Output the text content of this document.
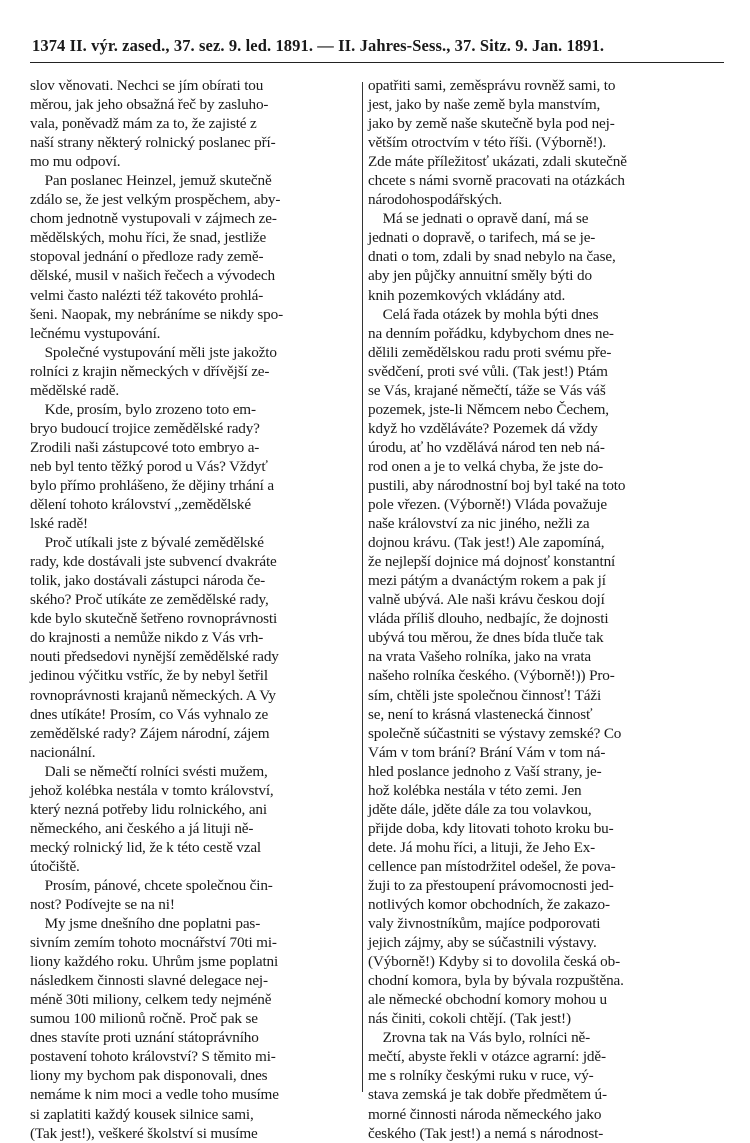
1374 II. výr. zased., 37. sez. 9. led. 1891. — II. Jahres-Sess., 37. Sitz. 9. Jan. 1891.
slov věnovati. Nechci se jím obírati tou
měrou, jak jeho obsažná řeč by zasluho-
vala, poněvadž mám za to, že zajisté z
naší strany některý rolnický poslanec pří-
mo mu odpoví.
Pan poslanec Heinzel, jemuž skutečně
zdálo se, že jest velkým prospěchem, aby-
chom jednotně vystupovali v zájmech ze-
mědělských, mohu říci, že snad, jestliže
stopoval jednání o předloze rady země-
dělské, musil v našich řečech a vývodech
velmi často nalézti též takovéto prohlá-
šeni. Naopak, my nebráníme se nikdy spo-
lečnému vystupování.
Společné vystupování měli jste jakožto
rolníci z krajin německých v dřívější ze-
mědělské radě.
Kde, prosím, bylo zrozeno toto em-
bryo budoucí trojice zemědělské rady?
Zrodili naši zástupcové toto embryo a-
neb byl tento těžký porod u Vás? Vždyť
bylo přímo prohlášeno, že dějiny trhání a
dělení tohoto království ,,zemědělské
lské radě!
Proč utíkali jste z bývalé zemědělské
rady, kde dostávali jste subvencí dvakráte
tolik, jako dostávali zástupci národa če-
ského? Proč utíkáte ze zemědělské rady,
kde bylo skutečně šetřeno rovnoprávnosti
do krajnosti a nemůže nikdo z Vás vrh-
nouti předsedovi nynější zemědělské rady
jedinou výčitku vstříc, že by nebyl šetřil
rovnoprávnosti krajanů německých. A Vy
dnes utíkáte! Prosím, co Vás vyhnalo ze
zemědělské rady? Zájem národní, zájem
nacionální.
Dali se němečtí rolníci svésti mužem,
jehož kolébka nestála v tomto království,
který nezná potřeby lidu rolnického, ani
německého, ani českého a já lituji ně-
mecký rolnický lid, že k této cestě vzal
útočiště.
Prosím, pánové, chcete společnou čin-
nost? Podívejte se na ni!
My jsme dnešního dne poplatni pas-
sivním zemím tohoto mocnářství 70ti mi-
liony každého roku. Uhrům jsme poplatni
následkem činnosti slavné delegace nej-
méně 30ti miliony, celkem tedy nejméně
sumou 100 milionů ročně. Proč pak se
dnes stavíte proti uznání státoprávního
postavení tohoto království? S těmito mi-
liony my bychom pak disponovali, dnes
nemáme k nim moci a vedle toho musíme
si zaplatiti každý kousek silnice sami,
(Tak jest!), veškeré školství si musíme
opatřiti sami, zeměsprávu rovněž sami, to
jest, jako by naše země byla manstvím,
jako by země naše skutečně byla pod nej-
větším otroctvím v této říši. (Výborně!).
Zde máte příležitosť ukázati, zdali skutečně
chcete s námi svorně pracovati na otázkách
národohospodářských.
Má se jednati o opravě daní, má se
jednati o dopravě, o tarifech, má se je-
dnati o tom, zdali by snad nebylo na čase,
aby jen půjčky annuitní směly býti do
knih pozemkových vkládány atd.
Celá řada otázek by mohla býti dnes
na denním pořádku, kdybychom dnes ne-
dělili zemědělskou radu proti svému pře-
svědčení, proti své vůli. (Tak jest!) Ptám
se Vás, krajané němečtí, táže se Vás váš
pozemek, jste-li Němcem nebo Čechem,
když ho vzděláváte? Pozemek dá vždy
úrodu, ať ho vzdělává národ ten neb ná-
rod onen a je to velká chyba, že jste do-
pustili, aby národnostní boj byl také na toto
pole vřezen. (Výborně!) Vláda považuje
naše království za nic jiného, nežli za
dojnou krávu. (Tak jest!) Ale zapomíná,
že nejlepší dojnice má dojnosť konstantní
mezi pátým a dvanáctým rokem a pak jí
valně ubývá. Ale naši krávu českou dojí
vláda příliš dlouho, nedbajíc, že dojnosti
ubývá tou měrou, že dnes bída tluče tak
na vrata Vašeho rolníka, jako na vrata
našeho rolníka českého. (Výborně!)) Pro-
sím, chtěli jste společnou činnosť! Táži
se, není to krásná vlastenecká činnosť
společně súčastniti se výstavy zemské? Co
Vám v tom brání? Brání Vám v tom ná-
hled poslance jednoho z Vaší strany, je-
hož kolébka nestála v této zemi. Jen
jděte dále, jděte dále za tou volavkou,
přijde doba, kdy litovati tohoto kroku bu-
dete. Já mohu říci, a lituji, že Jeho Ex-
cellence pan místodržitel odešel, že pova-
žuji to za přestoupení právomocnosti jed-
notlivých komor obchodních, že zakazo-
valy živnostníkům, majíce podporovati
jejich zájmy, aby se súčastnili výstavy.
(Výborně!) Kdyby si to dovolila česká ob-
chodní komora, byla by bývala rozpuštěna.
ale německé obchodní komory mohou u
nás činiti, cokoli chtějí. (Tak jest!)
Zrovna tak na Vás bylo, rolníci ně-
mečtí, abyste řekli v otázce agrarní: jdě-
me s rolníky českými ruku v ruce, vý-
stava zemská je tak dobře předmětem ú-
morné činnosti národa německého jako
českého (Tak jest!) a nemá s národnost-
